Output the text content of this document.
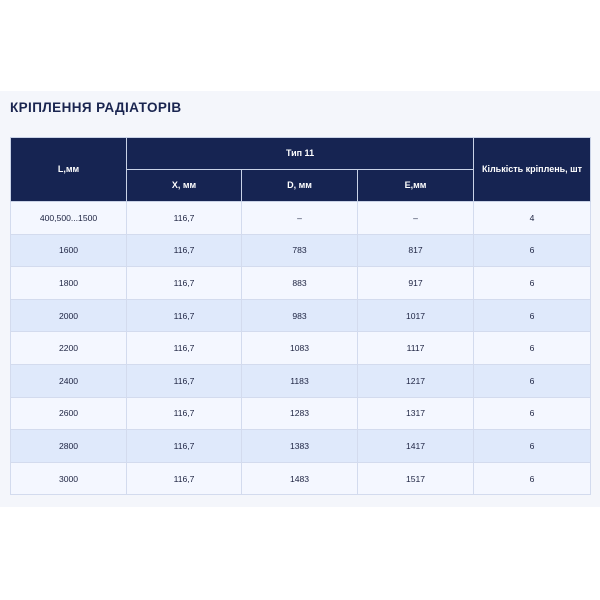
КРІПЛЕННЯ РАДІАТОРІВ
L,мм	Тип 11			Кількість кріплень, шт
	X, мм	D, мм	E,мм	
400,500...1500	116,7	–	–	4
1600	116,7	783	817	6
1800	116,7	883	917	6
2000	116,7	983	1017	6
2200	116,7	1083	1117	6
2400	116,7	1183	1217	6
2600	116,7	1283	1317	6
2800	116,7	1383	1417	6
3000	116,7	1483	1517	6
